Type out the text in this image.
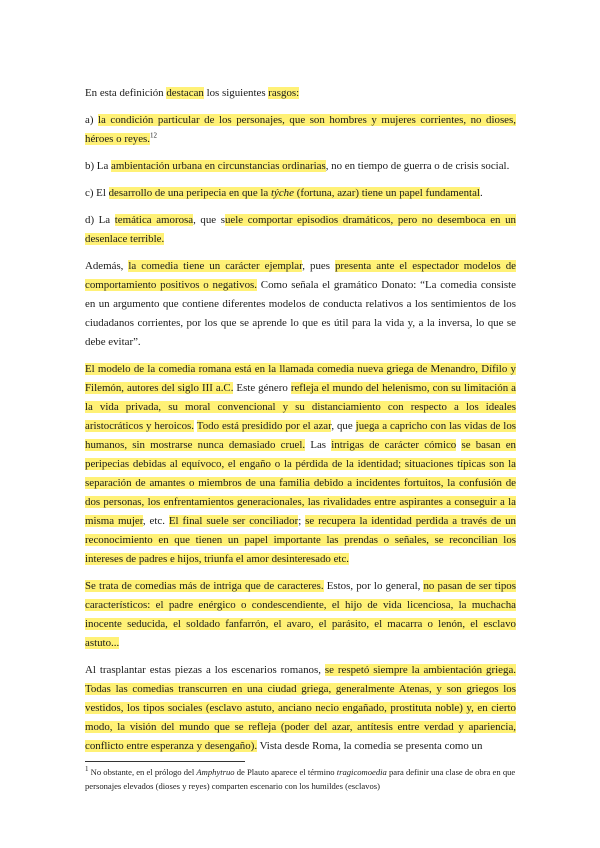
En esta definición destacan los siguientes rasgos:

a) la condición particular de los personajes, que son hombres y mujeres corrientes, no dioses, héroes o reyes.$^{12}$

b) La ambientación urbana en circunstancias ordinarias, no en tiempo de guerra o de crisis social.

c) El desarrollo de una peripecia en que la týche (fortuna, azar) tiene un papel fundamental.

d) La temática amorosa, que suele comportar episodios dramáticos, pero no desemboca en un desenlace terrible.

Además, la comedia tiene un carácter ejemplar, pues presenta ante el espectador modelos de comportamiento positivos o negativos. Como señala el gramático Donato: “La comedia consiste en un argumento que contiene diferentes modelos de conducta relativos a los sentimientos de los ciudadanos corrientes, por los que se aprende lo que es útil para la vida y, a la inversa, lo que se debe evitar”.

El modelo de la comedia romana está en la llamada comedia nueva griega de Menandro, Dífilo y Filemón, autores del siglo III a.C. Este género refleja el mundo del helenismo, con su limitación a la vida privada, su moral convencional y su distanciamiento con respecto a los ideales aristocráticos y heroicos. Todo está presidido por el azar, que juega a capricho con las vidas de los humanos, sin mostrarse nunca demasiado cruel. Las intrigas de carácter cómico se basan en peripecias debidas al equívoco, el engaño o la pérdida de la identidad; situaciones típicas son la separación de amantes o miembros de una familia debido a incidentes fortuitos, la confusión de dos personas, los enfrentamientos generacionales, las rivalidades entre aspirantes a conseguir a la misma mujer, etc. El final suele ser conciliador; se recupera la identidad perdida a través de un reconocimiento en que tienen un papel importante las prendas o señales, se reconcilian los intereses de padres e hijos, triunfa el amor desinteresado etc.

Se trata de comedias más de intriga que de caracteres. Estos, por lo general, no pasan de ser tipos característicos: el padre enérgico o condescendiente, el hijo de vida licenciosa, la muchacha inocente seducida, el soldado fanfarrón, el avaro, el parásito, el macarra o lenón, el esclavo astuto...

Al trasplantar estas piezas a los escenarios romanos, se respetó siempre la ambientación griega. Todas las comedias transcurren en una ciudad griega, generalmente Atenas, y son griegos los vestidos, los tipos sociales (esclavo astuto, anciano necio engañado, prostituta noble) y, en cierto modo, la visión del mundo que se refleja (poder del azar, antítesis entre verdad y apariencia, conflicto entre esperanza y desengaño). Vista desde Roma, la comedia se presenta como un

$^1$ No obstante, en el prólogo del Amphytruo de Plauto aparece el término tragicomoedia para definir una clase de obra en que personajes elevados (dioses y reyes) comparten escenario con los humildes (esclavos)
